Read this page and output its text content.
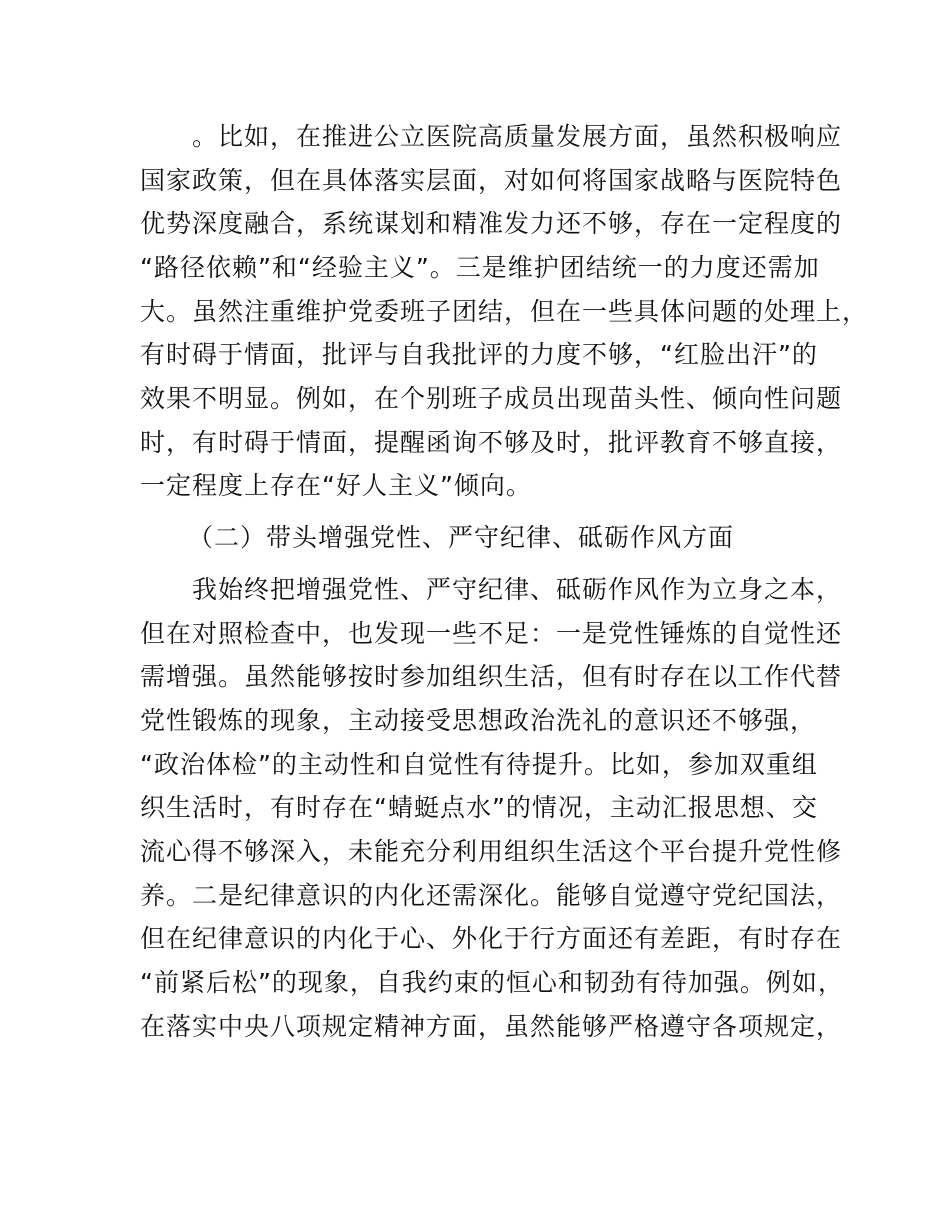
　　。比如，在推进公立医院高质量发展方面，虽然积极响应
国家政策，但在具体落实层面，对如何将国家战略与医院特色
优势深度融合，系统谋划和精准发力还不够，存在一定程度的
“路径依赖”和“经验主义”。三是维护团结统一的力度还需加
大。虽然注重维护党委班子团结，但在一些具体问题的处理上，
有时碍于情面，批评与自我批评的力度不够，“红脸出汗”的
效果不明显。例如，在个别班子成员出现苗头性、倾向性问题
时，有时碍于情面，提醒函询不够及时，批评教育不够直接，
一定程度上存在“好人主义”倾向。
（二）带头增强党性、严守纪律、砥砺作风方面
　　我始终把增强党性、严守纪律、砥砺作风作为立身之本，
但在对照检查中，也发现一些不足：一是党性锤炼的自觉性还
需增强。虽然能够按时参加组织生活，但有时存在以工作代替
党性锻炼的现象，主动接受思想政治洗礼的意识还不够强，
“政治体检”的主动性和自觉性有待提升。比如，参加双重组
织生活时，有时存在“蜻蜓点水”的情况，主动汇报思想、交
流心得不够深入，未能充分利用组织生活这个平台提升党性修
养。二是纪律意识的内化还需深化。能够自觉遵守党纪国法，
但在纪律意识的内化于心、外化于行方面还有差距，有时存在
“前紧后松”的现象，自我约束的恒心和韧劲有待加强。例如，
在落实中央八项规定精神方面，虽然能够严格遵守各项规定，
